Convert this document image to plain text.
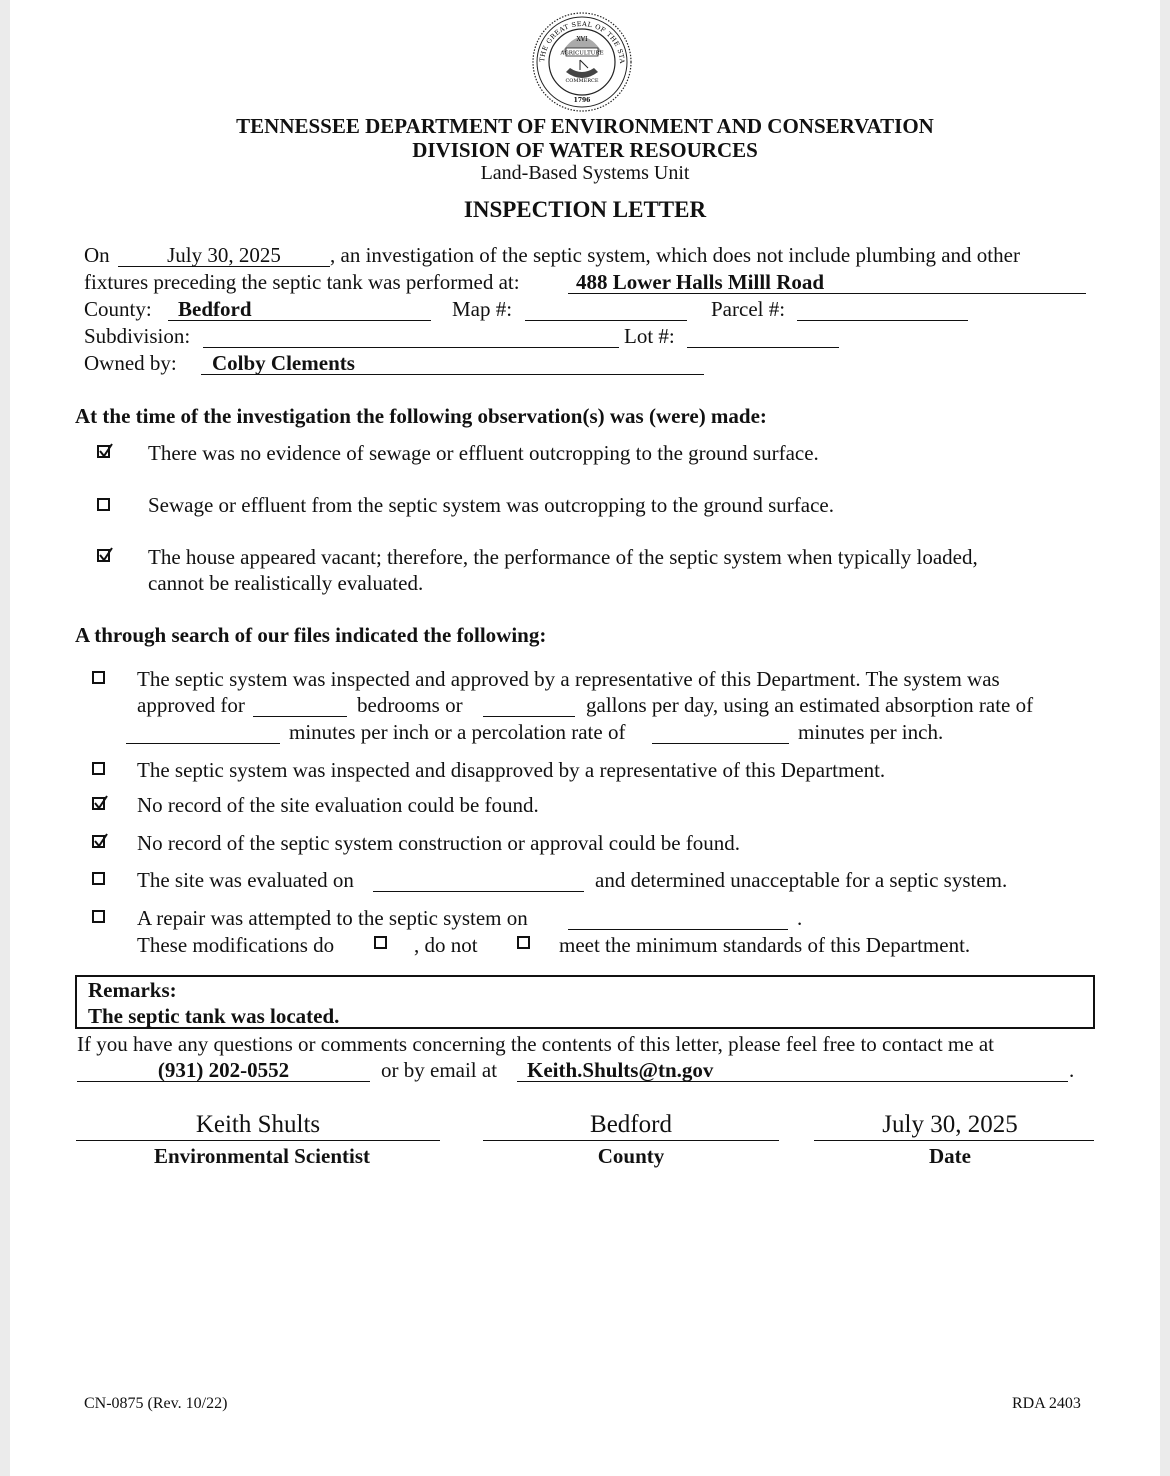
AGRICULTURE
XVI
COMMERCE
1796
THE GREAT SEAL OF THE STA
TENNESSEE DEPARTMENT OF ENVIRONMENT AND CONSERVATION
DIVISION OF WATER RESOURCES
Land-Based Systems Unit
INSPECTION LETTER
On	July 30, 2025	, an investigation of the septic system, which does not include plumbing and other
fixtures preceding the septic tank was performed at:	488 Lower Halls Milll Road
County: Bedford	Map #:	Parcel #:
Subdivision:	Lot #:
Owned by: Colby Clements
At the time of the investigation the following observation(s) was (were) made:
There was no evidence of sewage or effluent outcropping to the ground surface.
Sewage or effluent from the septic system was outcropping to the ground surface.
The house appeared vacant; therefore, the performance of the septic system when typically loaded,
cannot be realistically evaluated.
A through search of our files indicated the following:
The septic system was inspected and approved by a representative of this Department. The system was
approved for	bedrooms or	gallons per day, using an estimated absorption rate of
minutes per inch or a percolation rate of	minutes per inch.
The septic system was inspected and disapproved by a representative of this Department.
No record of the site evaluation could be found.
No record of the septic system construction or approval could be found.
The site was evaluated on	and determined unacceptable for a septic system.
A repair was attempted to the septic system on	.
These modifications do	, do not	meet the minimum standards of this Department.
Remarks:
The septic tank was located.
If you have any questions or comments concerning the contents of this letter, please feel free to contact me at
(931) 202-0552	or by email at Keith.Shults@tn.gov	.
Keith Shults
Environmental Scientist
Bedford
County
July 30, 2025
Date
CN-0875 (Rev. 10/22)	RDA 2403
